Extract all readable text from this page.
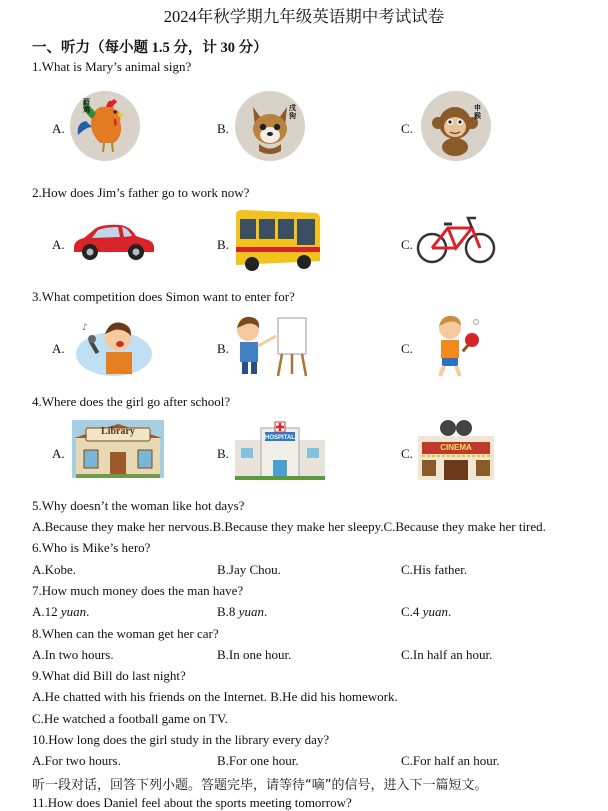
2024年秋学期九年级英语期中考试试卷
一、听力（每小题 1.5 分，计 30 分）
1.What is Mary’s animal sign?
A.
酉鸡
B.
戌狗
C.
申猴
2.How does Jim’s father go to work now?
A.	B.	C.
3.What competition does Simon want to enter for?
A.
♪
B.	C.
4.Where does the girl go after school?
A.
Library
B.
HOSPITAL
C.	CINEMA
5.Why doesn’t the woman like hot days?
A.Because they make her nervous.B.Because they make her sleepy.C.Because they make her tired.
6.Who is Mike’s hero?
A.Kobe.	B.Jay Chou.	C.His father.
7.How much money does the man have?
A.12 yuan.	B.8 yuan.	C.4 yuan.
8.When can the woman get her car?
A.In two hours.	B.In one hour.	C.In half an hour.
9.What did Bill do last night?
A.He chatted with his friends on the Internet. B.He did his homework.
C.He watched a football game on TV.
10.How long does the girl study in the library every day?
A.For two hours.	B.For one hour.	C.For half an hour.
听一段对话，回答下列小题。答题完毕，请等待“嘀”的信号，进入下一篇短文。
11.How does Daniel feel about the sports meeting tomorrow?
